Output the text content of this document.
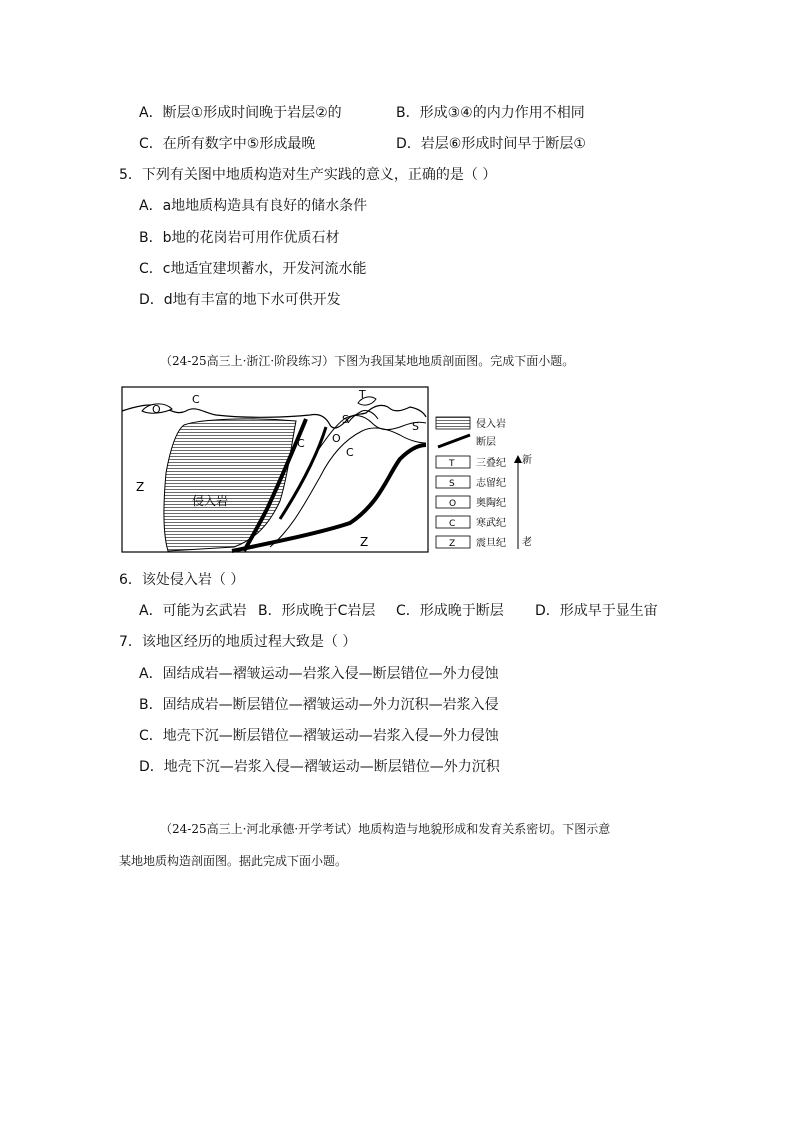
A．断层①形成时间晚于岩层②的	B．形成③④的内力作用不相同
C．在所有数字中⑤形成最晚	D．岩层⑥形成时间早于断层①
5．下列有关图中地质构造对生产实践的意义，正确的是（ ）
A．a地地质构造具有良好的储水条件
B．b地的花岗岩可用作优质石材
C．c地适宜建坝蓄水，开发河流水能
D．d地有丰富的地下水可供开发
（24-25高三上·浙江·阶段练习）下图为我国某地地质剖面图。完成下面小题。
O
C
Z
侵入岩
C O
S
T
C
S
Z
侵入岩
断层
T 三叠纪
S 志留纪
O 奥陶纪
C 寒武纪
Z 震旦纪
新
老
6．该处侵入岩（ ）
A．可能为玄武岩 B．形成晚于C岩层 C．形成晚于断层 D．形成早于显生宙
7．该地区经历的地质过程大致是（ ）
A．固结成岩—褶皱运动—岩浆入侵—断层错位—外力侵蚀
B．固结成岩—断层错位—褶皱运动—外力沉积—岩浆入侵
C．地壳下沉—断层错位—褶皱运动—岩浆入侵—外力侵蚀
D．地壳下沉—岩浆入侵—褶皱运动—断层错位—外力沉积
（24-25高三上·河北承德·开学考试）地质构造与地貌形成和发育关系密切。下图示意
某地地质构造剖面图。据此完成下面小题。
